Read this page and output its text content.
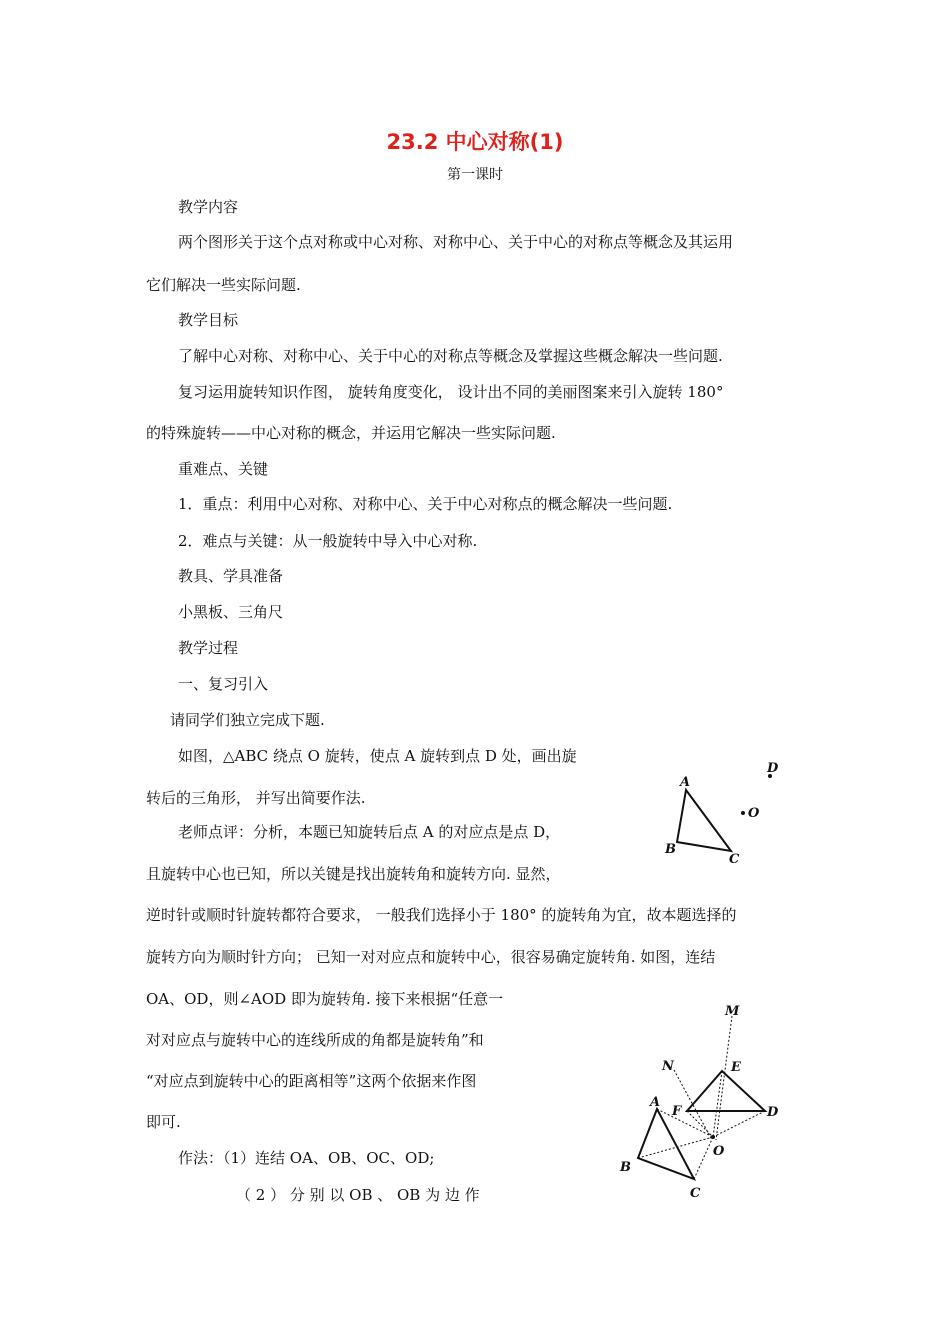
23.2 中心对称(1)
第一课时
教学内容
两个图形关于这个点对称或中心对称、对称中心、关于中心的对称点等概念及其运用
它们解决一些实际问题.
教学目标
了解中心对称、对称中心、关于中心的对称点等概念及掌握这些概念解决一些问题.
复习运用旋转知识作图， 旋转角度变化， 设计出不同的美丽图案来引入旋转 180°
的特殊旋转——中心对称的概念，并运用它解决一些实际问题.
重难点、关键
1．重点：利用中心对称、对称中心、关于中心对称点的概念解决一些问题.
2．难点与关键：从一般旋转中导入中心对称.
教具、学具准备
小黑板、三角尺
教学过程
一、复习引入
请同学们独立完成下题.
如图，△ABC 绕点 O 旋转，使点 A 旋转到点 D 处，画出旋
转后的三角形， 并写出简要作法.
老师点评：分析，本题已知旋转后点 A 的对应点是点 D，
且旋转中心也已知，所以关键是找出旋转角和旋转方向. 显然，
逆时针或顺时针旋转都符合要求， 一般我们选择小于 180° 的旋转角为宜，故本题选择的
旋转方向为顺时针方向； 已知一对对应点和旋转中心，很容易确定旋转角. 如图，连结
OA、OD，则∠AOD 即为旋转角. 接下来根据“任意一
对对应点与旋转中心的连线所成的角都是旋转角”和
“对应点到旋转中心的距离相等”这两个依据来作图
即可.
作法：（1）连结 OA、OB、OC、OD;
（ 2 ） 分 别 以 OB 、 OB 为 边 作
A
B
C
O
D
M
N	E
A
F	D
O
B
C
